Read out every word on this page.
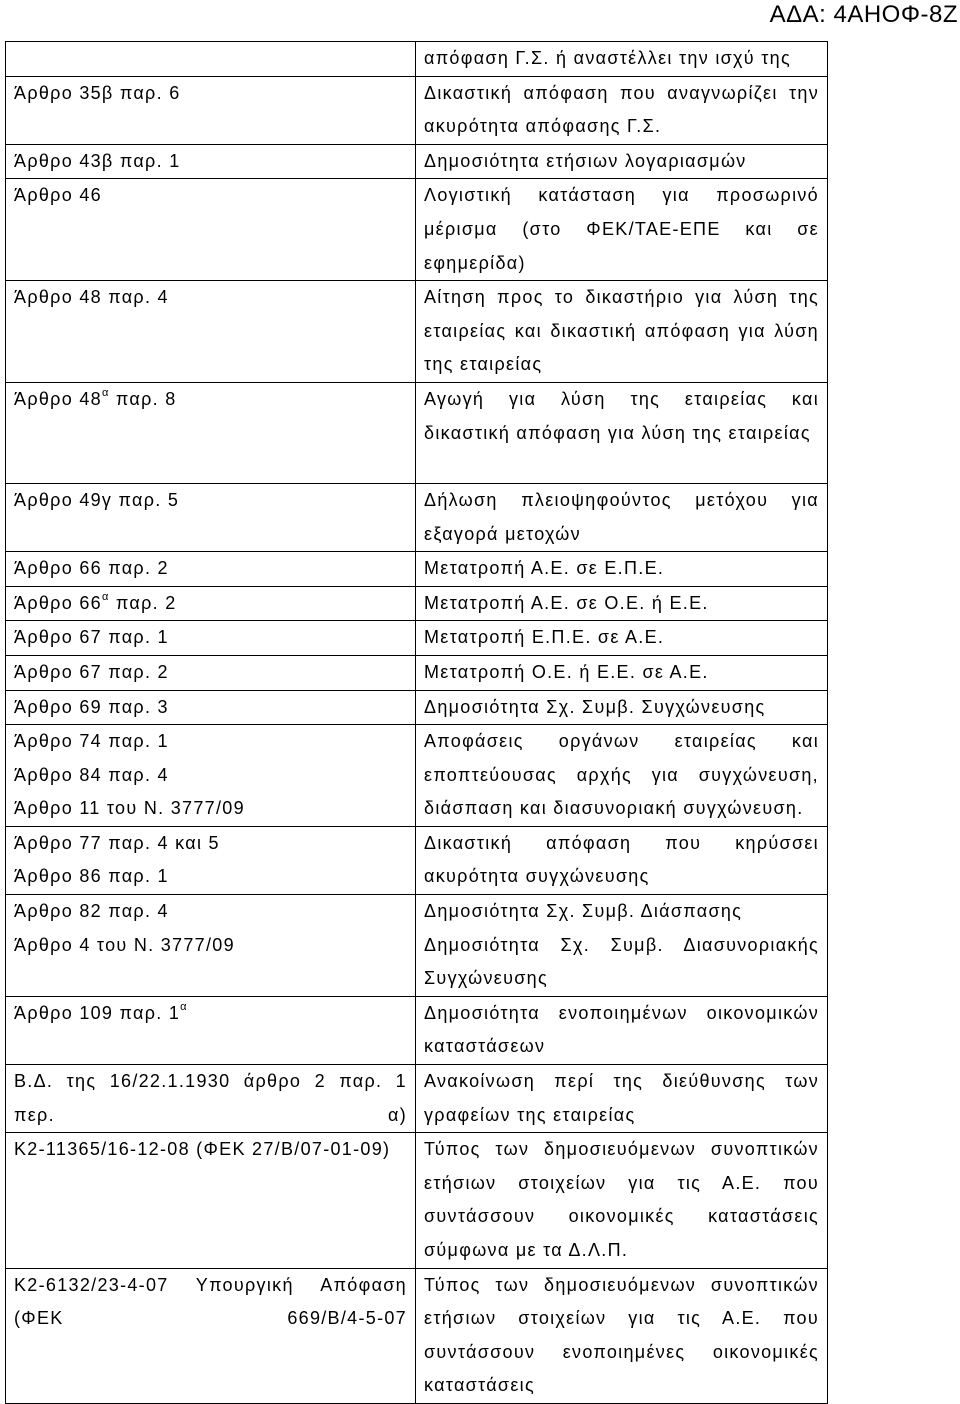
ΑΔΑ: 4ΑΗΟΦ-8Ζ
	απόφαση Γ.Σ. ή αναστέλλει την ισχύ της
Άρθρο 35β παρ. 6	Δικαστική απόφαση που αναγνωρίζει την ακυρότητα απόφασης Γ.Σ.
Άρθρο 43β παρ. 1	Δημοσιότητα ετήσιων λογαριασμών
Άρθρο 46	Λογιστική κατάσταση για προσωρινό μέρισμα (στο ΦΕΚ/ΤΑΕ-ΕΠΕ και σε εφημερίδα)
Άρθρο 48 παρ. 4	Αίτηση προς το δικαστήριο για λύση της εταιρείας και δικαστική απόφαση για λύση της εταιρείας
Άρθρο $48^\alpha$ παρ. 8	Αγωγή για λύση της εταιρείας και δικαστική απόφαση για λύση της εταιρείας
Άρθρο 49γ παρ. 5	Δήλωση πλειοψηφούντος μετόχου για εξαγορά μετοχών
Άρθρο 66 παρ. 2	Μετατροπή Α.Ε. σε Ε.Π.Ε.
Άρθρο $66^\alpha$ παρ. 2	Μετατροπή Α.Ε. σε Ο.Ε. ή Ε.Ε.
Άρθρο 67 παρ. 1	Μετατροπή Ε.Π.Ε. σε Α.Ε.
Άρθρο 67 παρ. 2	Μετατροπή Ο.Ε. ή Ε.Ε. σε Α.Ε.
Άρθρο 69 παρ. 3	Δημοσιότητα Σχ. Συμβ. Συγχώνευσης

Άρθρο 74 παρ. 1
Άρθρο 84 παρ. 4
Άρθρο 11 του Ν. 3777/09	Αποφάσεις οργάνων εταιρείας και εποπτεύουσας αρχής για συγχώνευση, διάσπαση και διασυνοριακή συγχώνευση.

Άρθρο 77 παρ. 4 και 5
Άρθρο 86 παρ. 1	Δικαστική απόφαση που κηρύσσει ακυρότητα συγχώνευσης

Άρθρο 82 παρ. 4
Άρθρο 4 του Ν. 3777/09	Δημοσιότητα Σχ. Συμβ. Διάσπασης
Δημοσιότητα Σχ. Συμβ. Διασυνοριακής Συγχώνευσης

Άρθρο 109 παρ. $1^\alpha$	Δημοσιότητα ενοποιημένων οικονομικών καταστάσεων
Β.Δ. της 16/22.1.1930 άρθρο 2 παρ. 1 περ. α)	Ανακοίνωση περί της διεύθυνσης των γραφείων της εταιρείας
Κ2-11365/16-12-08 (ΦΕΚ 27/Β/07-01-09)	Τύπος των δημοσιευόμενων συνοπτικών ετήσιων στοιχείων για τις Α.Ε. που συντάσσουν οικονομικές καταστάσεις σύμφωνα με τα Δ.Λ.Π.
Κ2-6132/23-4-07 Υπουργική Απόφαση (ΦΕΚ 669/Β/4-5-07	Τύπος των δημοσιευόμενων συνοπτικών ετήσιων στοιχείων για τις Α.Ε. που συντάσσουν ενοποιημένες οικονομικές καταστάσεις
